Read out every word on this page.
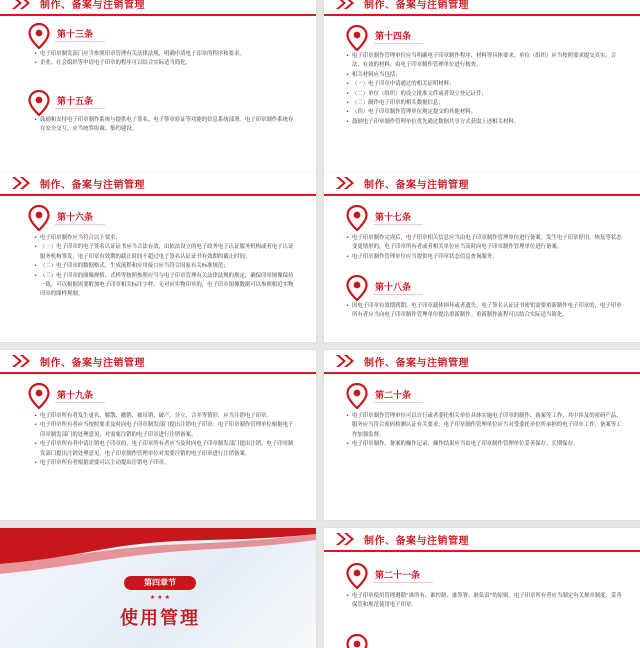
制作、备案与注销管理
第十三条
• 电子印章制发部门应当参照印章管理有关法律法规，明确申请电子印章的程序和要求。
• 企业、社会组织等申请电子印章的程序可以结合实际适当简化。
第十五条
• 鼓励和支持电子印章制作系统与提供电子签名、电子签章验证等功能的信息系统部署。电子印章制作系统存在安全交互，应当统筹协调、集约建设。
制作、备案与注销管理
第十四条
• 电子印章制作管理单位应当明确电子印章制作程序、材料等具体要求。单位（组织）应当按照要求提交真实、合法、有效的材料，由电子印章制作管理单位进行核查。
• 相关材料应当包括：
• （一）电子印章申请通过的相关证明材料；
• （二）单位（组织）的设立批准文件或者设立登记证件；
• （三）制作电子印章的相关数据信息；
• （四）电子印章制作管理单位规定提交的其他材料。
• 鼓励电子印章制作管理单位优先通过数据共享方式获取上述相关材料。
制作、备案与注销管理
第十六条
• 电子印章制作应当符合以下要求：
• （一）电子印章的电子签名认证证书应当合法有效，由依法设立的电子政务电子认证服务机构或者电子认证服务机构签发，电子印章有效期的截止时间不超过电子签名认证证书有效期的截止时间；
• （二）电子印章的数据格式、生成流程和应用接口应当符合国家有关标准规范；
• （三）电子印章的图像规格、式样等按照参照应当与电子印章管理有关法律法规的规定，确保印章图像保持一致，可以根据需要附加电子印章相关标注字样。无对应实物印章的，电子印章图像数据可以参照相近实物印章的图样规制。
制作、备案与注销管理
第十七条
• 电子印章制作完成后，电子印章相关信息应当由电子印章制作管理单位进行备案。发生电子印章停用、恢复等状态变更情形的，电子印章所有者或者相关单位应当及时向电子印章制作管理单位进行备案。
• 电子印章制作管理单位应当提供电子印章状态信息查询服务。
第十八条
• 因电子印章有效期到期、电子印章载体损坏或者遗失、电子签名认证证书密钥需要重新制作电子印章的，电子印章所有者应当向电子印章制作管理单位提出重新制作。重新制作流程可以结合实际适当简化。
制作、备案与注销管理
第十九条
• 电子印章所有者发生更名、解散、撤销、被吊销、破产、分立、合并等情形，应当注销电子印章。
• 电子印章所有者应当按照要求及时向电子印章制发部门提出注销电子印章。电子印章制作管理单位根据电子印章制发部门的处理意见，对需要注销的电子印章进行注销备案。
• 电子印章所有者申请注销电子印章的，电子印章所有者应当及时向电子印章制发部门提出注销。电子印章制发部门提出注销处理意见，电子印章制作管理单位对需要注销的电子印章进行注销备案。
• 电子印章所有者根据需要可以主动提出注销电子印章。
制作、备案与注销管理
第二十条
• 电子印章制作管理单位可以自行或者委托相关单位具体实施电子印章的制作、备案等工作，其中涉及的密码产品、服务应当符合密码检测认证有关要求。电子印章制作管理单位应当对受委托单位所承担的电子印章工作，备案等工作加强监督。
• 电子印章制作、备案的操作记录、操作结果应当由电子印章制作管理单位妥善保存、长期保存。
第四章节
★★★
使用管理
制作、备案与注销管理
第二十一条
• 电子印章使用管理遵循“谁所有、谁控制，谁签署、谁负责”的原则。电子印章所有者应当制定有关规章制度，妥善保管和规范使用电子印章。
